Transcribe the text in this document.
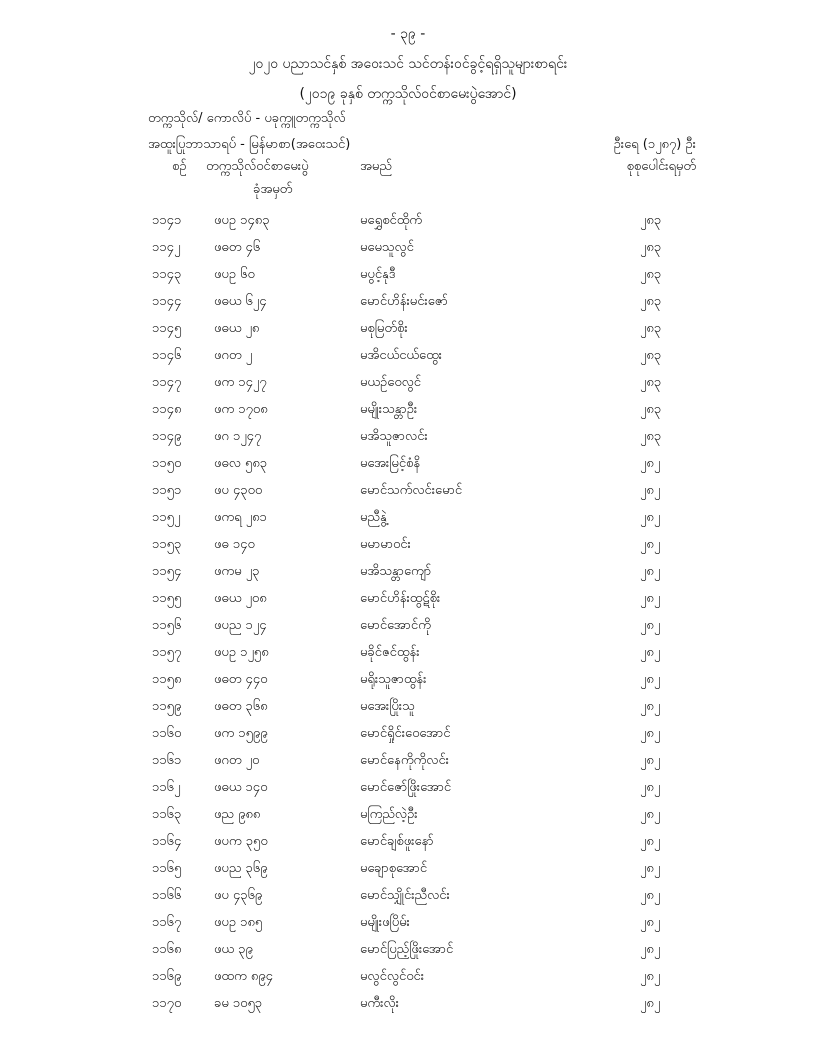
- ၃၉ -
၂၀၂၀ ပညာသင်နှစ် အဝေးသင် သင်တန်းဝင်ခွင့်ရရှိသူများစာရင်း
(၂၀၁၉ ခုနှစ် တက္ကသိုလ်ဝင်စာမေးပွဲအောင်)
တက္ကသိုလ်/ ကောလိပ် - ပခုက္ကူတက္ကသိုလ်
အထူးပြုဘာသာရပ် - မြန်မာစာ(အဝေးသင်)	ဦးရေ (၁၂၈၇) ဦး
စဉ် တက္ကသိုလ်ဝင်စာမေးပွဲ
ခုံအမှတ်
အမည်	စုစုပေါင်းရမှတ်
၁၁၄၁	ဖပဥ ၁၄၈၃	မရွှေစင်ထိုက်	၂၈၃
၁၁၄၂	ဖဓတ ၄၆	မမေသူလွင်	၂၈၃
၁၁၄၃	ဖပဥ ၆၀	မပွင့်နုဒီ	၂၈၃
၁၁၄၄	ဖဓယ ၆၂၄	မောင်ဟိန်းမင်းဇော်	၂၈၃
၁၁၄၅	ဖဓယ ၂၈	မစုမြတ်စိုး	၂၈၃
၁၁၄၆	ဖဂတ ၂	မအိငယ်ငယ်ထွေး	၂၈၃
၁၁၄၇	ဖက ၁၄၂၇	မယဉ်ဝေလွင်	၂၈၃
၁၁၄၈	ဖက ၁၇၀၈	မမျိုးသန္တာဦး	၂၈၃
၁၁၄၉	ဖဂ ၁၂၄၇	မအိသူဇာလင်း	၂၈၃
၁၁၅၀	ဖဓလ ၅၈၃	မအေးမြင့်စံနိ	၂၈၂
၁၁၅၁	ဖပ ၄၃၀၀	မောင်သက်လင်းမောင်	၂၈၂
၁၁၅၂	ဖကရ ၂၈၁	မညီနွဲ့	၂၈၂
၁၁၅၃	ဖဓ ၁၄၀	မမာမာဝင်း	၂၈၂
၁၁၅၄	ဖကမ ၂၃	မအိသန္တာကျော်	၂၈၂
၁၁၅၅	ဖဓယ ၂၀၈	မောင်ဟိန်းထွဋ်စိုး	၂၈၂
၁၁၅၆	ဖပည ၁၂၄	မောင်အောင်ကို	၂၈၂
၁၁၅၇	ဖပဥ ၁၂၅၈	မခိုင်ဇင်ထွန်း	၂၈၂
၁၁၅၈	ဖဓတ ၄၄၀	မရိုးသူဇာထွန်း	၂၈၂
၁၁၅၉	ဖဓတ ၃၆၈	မအေးပြိုးသူ	၂၈၂
၁၁၆၀	ဖက ၁၅၉၉	မောင်ရှိုင်းဝေအောင်	၂၈၂
၁၁၆၁	ဖဂတ ၂၀	မောင်နေကိုကိုလင်း	၂၈၂
၁၁၆၂	ဖဓယ ၁၄၀	မောင်ဇော်ဖြိုးအောင်	၂၈၂
၁၁၆၃	ဖည ၉၈၈	မကြည်လဲ့ဦး	၂၈၂
၁၁၆၄	ဖပက ၃၅၀	မောင်ချစ်ဖူးနော်	၂၈၂
၁၁၆၅	ဖပည ၃၆၉	မချောစုအောင်	၂၈၂
၁၁၆၆	ဖပ ၄၃၆၉	မောင်သျှိုင်းညီလင်း	၂၈၂
၁၁၆၇	ဖပဥ ၁၈၅	မမျိုးဖပြိမ်း	၂၈၂
၁၁၆၈	ဖယ ၃၉	မောင်ပြည့်ဖြိုးအောင်	၂၈၂
၁၁၆၉	ဖထက ၈၉၄	မလွင်လွင်ဝင်း	၂၈၂
၁၁၇၀	ခမ ၁၀၅၃	မကီးလိုး	၂၈၂
